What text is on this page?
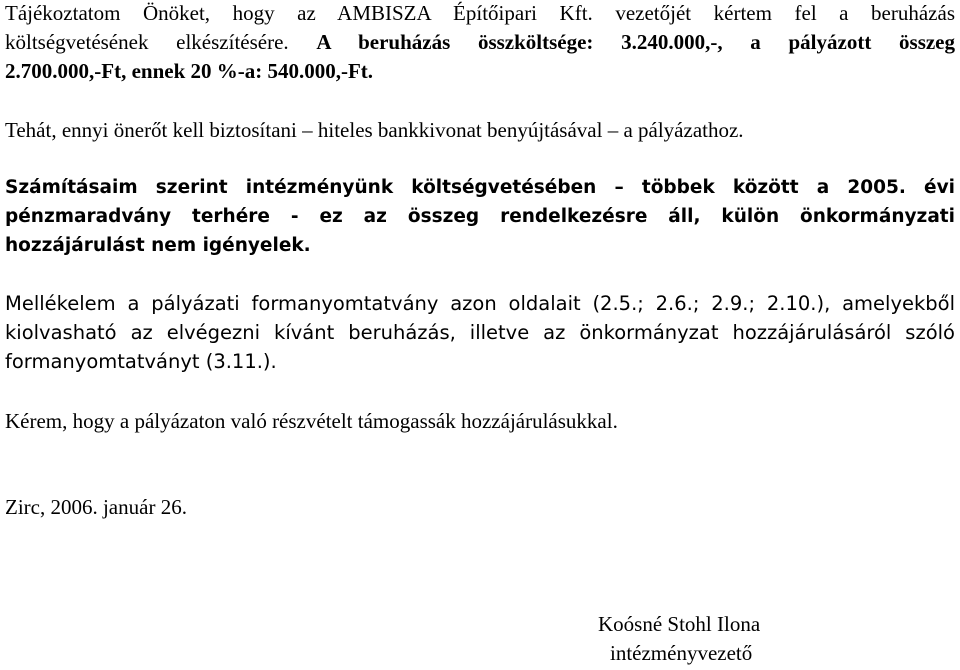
Tájékoztatom Önöket, hogy az AMBISZA Építőipari Kft. vezetőjét kértem fel a beruházás
költségvetésének elkészítésére. A beruházás összköltsége: 3.240.000,-, a pályázott összeg
2.700.000,-Ft, ennek 20 %-a: 540.000,-Ft.
Tehát, ennyi önerőt kell biztosítani – hiteles bankkivonat benyújtásával – a pályázathoz.
Számításaim szerint intézményünk költségvetésében – többek között a 2005. évi
pénzmaradvány terhére - ez az összeg rendelkezésre áll, külön önkormányzati
hozzájárulást nem igényelek.
Mellékelem a pályázati formanyomtatvány azon oldalait (2.5.; 2.6.; 2.9.; 2.10.), amelyekből
kiolvasható az elvégezni kívánt beruházás, illetve az önkormányzat hozzájárulásáról szóló
formanyomtatványt (3.11.).
Kérem, hogy a pályázaton való részvételt támogassák hozzájárulásukkal.
Zirc, 2006. január 26.
Koósné Stohl Ilona
intézményvezető
